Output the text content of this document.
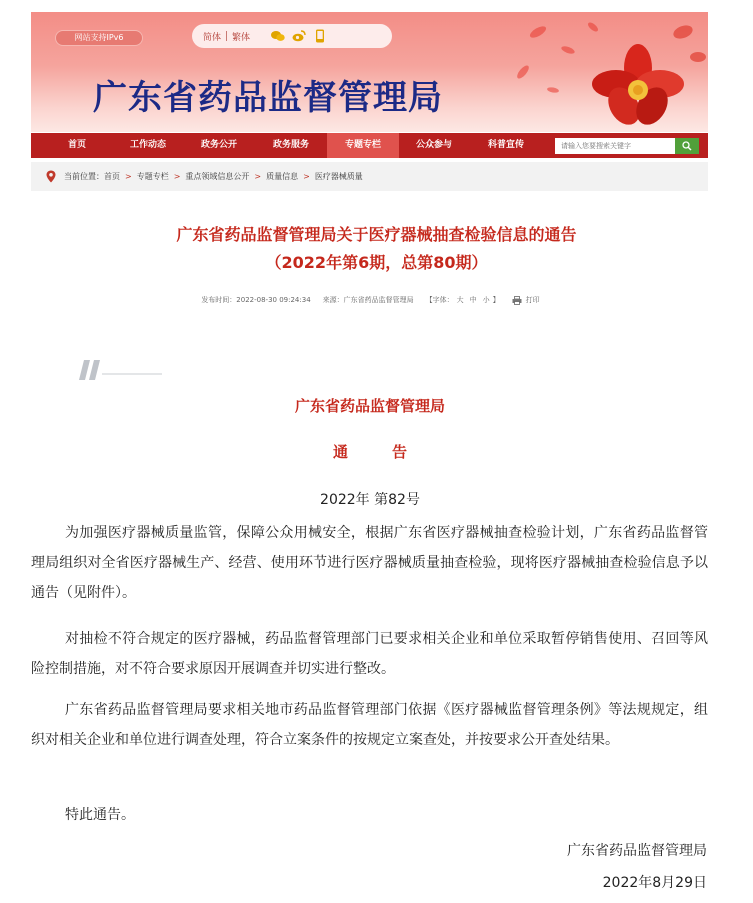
网站支持IPv6	简体	繁体
广东省药品监督管理局
首页	工作动态	政务公开	政务服务	专题专栏	公众参与	科普宣传
请输入您要搜索关键字
当前位置： 首页 > 专题专栏 > 重点领域信息公开 > 质量信息 > 医疗器械质量
广东省药品监督管理局关于医疗器械抽查检验信息的通告
（2022年第6期，总第80期）
发布时间：2022-08-30 09:24:34 来源：广东省药品监督管理局 【字体： 大 中 小 】	打印
广东省药品监督管理局
通告
2022年 第82号

为加强医疗器械质量监管，保障公众用械安全，根据广东省医疗器械抽查检验计划，广东省药品监督管理局组织对全省医疗器械生产、经营、使用环节进行医疗器械质量抽查检验，现将医疗器械抽查检验信息予以通告（见附件）。

对抽检不符合规定的医疗器械，药品监督管理部门已要求相关企业和单位采取暂停销售使用、召回等风险控制措施，对不符合要求原因开展调查并切实进行整改。

广东省药品监督管理局要求相关地市药品监督管理部门依据《医疗器械监督管理条例》等法规规定，组织对相关企业和单位进行调查处理，符合立案条件的按规定立案查处，并按要求公开查处结果。

特此通告。

广东省药品监督管理局
2022年8月29日
